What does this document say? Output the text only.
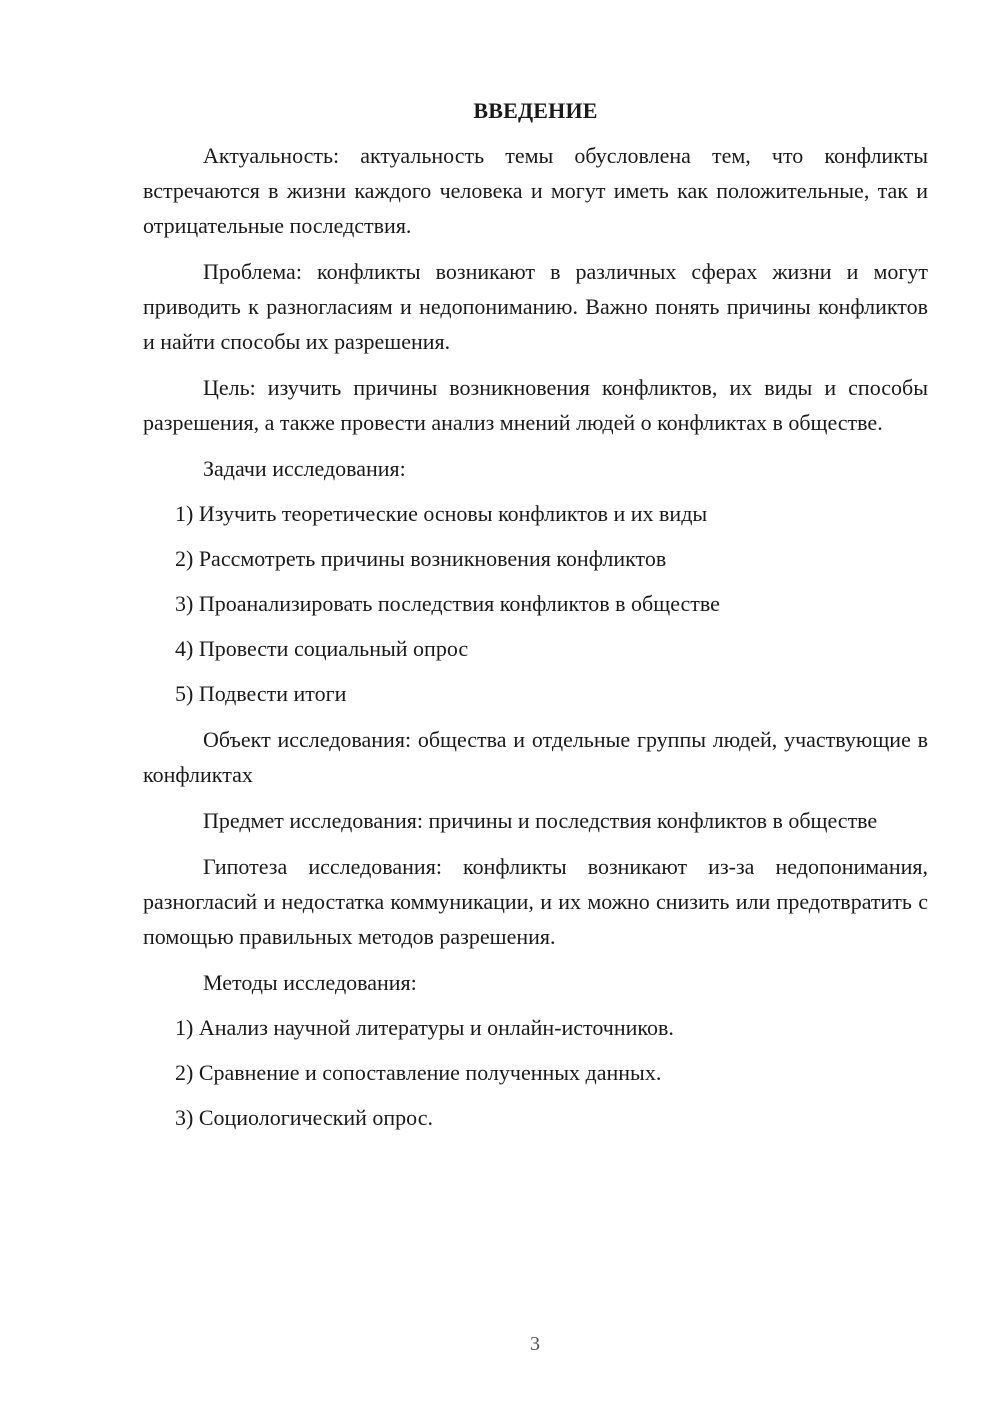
ВВЕДЕНИЕ

Актуальность: актуальность темы обусловлена тем, что конфликты встречаются в жизни каждого человека и могут иметь как положительные, так и отрицательные последствия.

Проблема: конфликты возникают в различных сферах жизни и могут приводить к разногласиям и недопониманию. Важно понять причины конфликтов и найти способы их разрешения.

Цель: изучить причины возникновения конфликтов, их виды и способы разрешения, а также провести анализ мнений людей о конфликтах в обществе.

Задачи исследования:

1) Изучить теоретические основы конфликтов и их виды

2) Рассмотреть причины возникновения конфликтов

3) Проанализировать последствия конфликтов в обществе

4) Провести социальный опрос

5) Подвести итоги

Объект исследования: общества и отдельные группы людей, участвующие в конфликтах

Предмет исследования: причины и последствия конфликтов в обществе

Гипотеза исследования: конфликты возникают из-за недопонимания, разногласий и недостатка коммуникации, и их можно снизить или предотвратить с помощью правильных методов разрешения.

Методы исследования:

1) Анализ научной литературы и онлайн-источников.

2) Сравнение и сопоставление полученных данных.

3) Социологический опрос.

3
